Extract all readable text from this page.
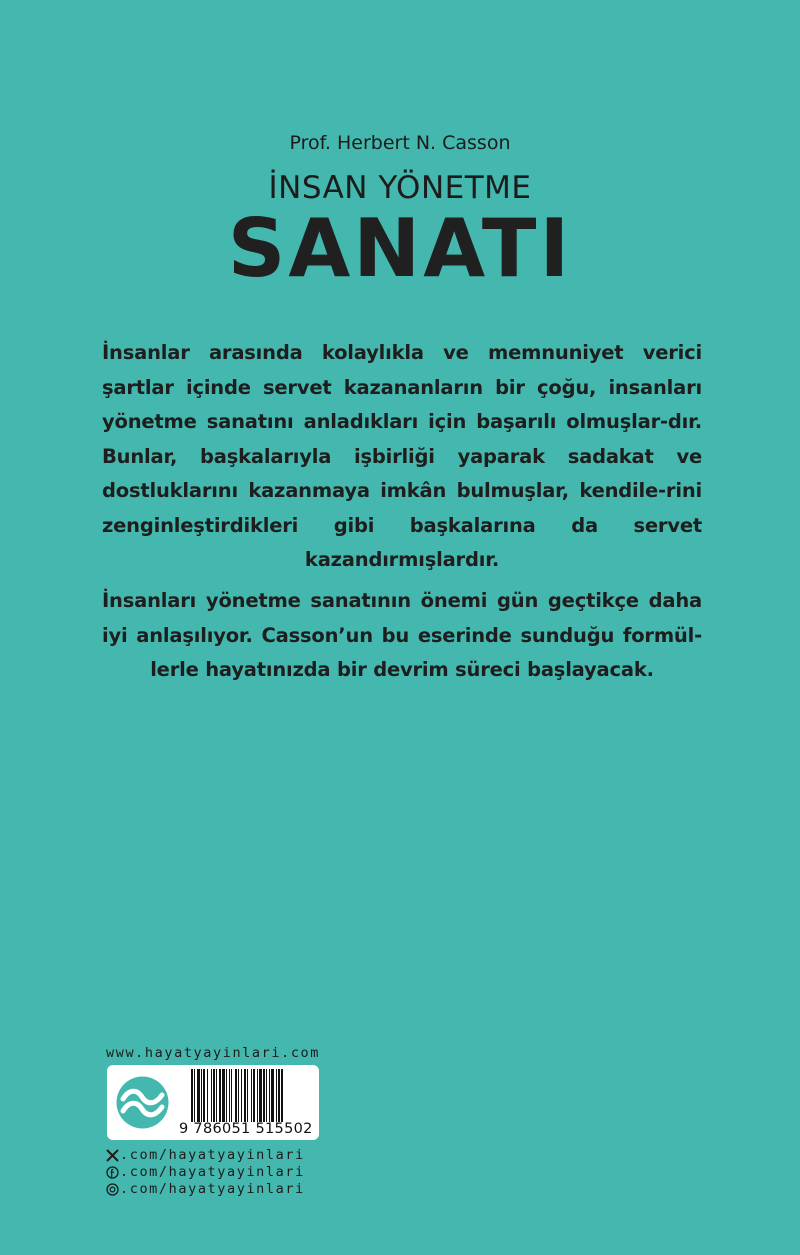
Prof. Herbert N. Casson
İNSAN YÖNETME
SANATI
İnsanlar arasında kolaylıkla ve memnuniyet verici şartlar içinde servet kazananların bir çoğu, insanları yönetme sanatını anladıkları için başarılı olmuşlar-dır. Bunlar, başkalarıyla işbirliği yaparak sadakat ve dostluklarını kazanmaya imkân bulmuşlar, kendile-rini zenginleştirdikleri gibi başkalarına da servet kazandırmışlardır.
İnsanları yönetme sanatının önemi gün geçtikçe daha iyi anlaşılıyor. Casson’un bu eserinde sunduğu formül-lerle hayatınızda bir devrim süreci başlayacak.
www.hayatyayinlari.com
9 786051 515502
.com/hayatyayinlari
.com/hayatyayinlari
.com/hayatyayinlari
